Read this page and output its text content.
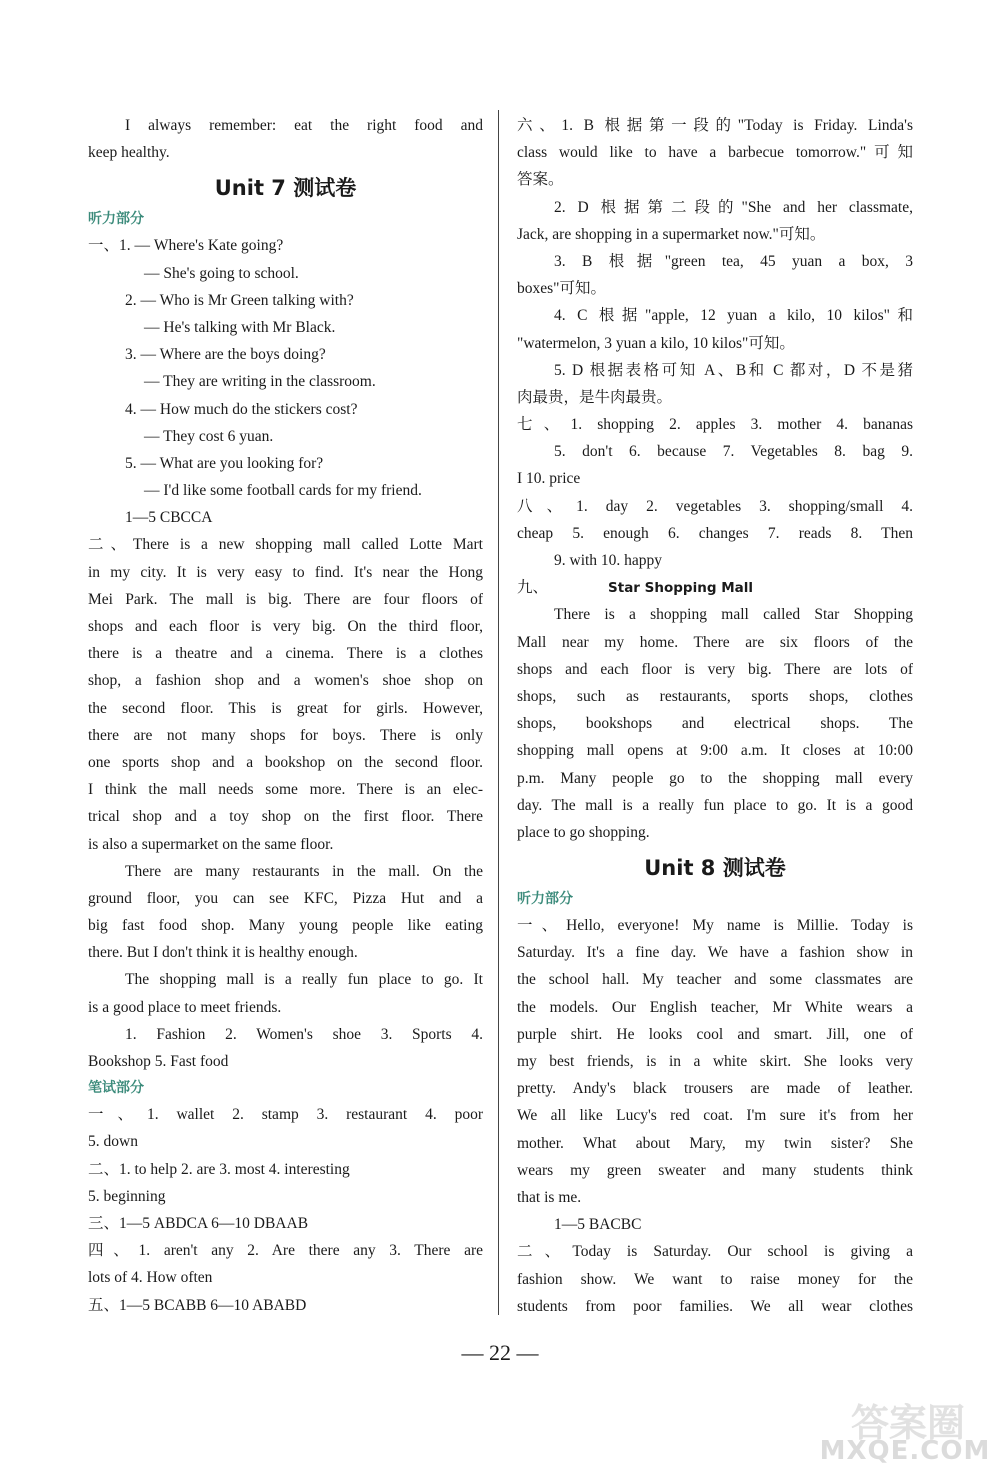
I always remember: eat the right food and
keep healthy.
Unit 7 测试卷
听力部分
一、1. — Where's Kate going?
— She's going to school.
2. — Who is Mr Green talking with?
— He's talking with Mr Black.
3. — Where are the boys doing?
— They are writing in the classroom.
4. — How much do the stickers cost?
— They cost 6 yuan.
5. — What are you looking for?
— I'd like some football cards for my friend.
1—5 CBCCA
二、There is a new shopping mall called Lotte Mart
in my city. It is very easy to find. It's near the Hong
Mei Park. The mall is big. There are four floors of
shops and each floor is very big. On the third floor,
there is a theatre and a cinema. There is a clothes
shop, a fashion shop and a women's shoe shop on
the second floor. This is great for girls. However,
there are not many shops for boys. There is only
one sports shop and a bookshop on the second floor.
I think the mall needs some more. There is an elec-
trical shop and a toy shop on the first floor. There
is also a supermarket on the same floor.
There are many restaurants in the mall. On the
ground floor, you can see KFC, Pizza Hut and a
big fast food shop. Many young people like eating
there. But I don't think it is healthy enough.
The shopping mall is a really fun place to go. It
is a good place to meet friends.
1. Fashion 2. Women's shoe 3. Sports 4.
Bookshop 5. Fast food
笔试部分
一、1. wallet 2. stamp 3. restaurant 4. poor
5. down
二、1. to help 2. are 3. most 4. interesting
5. beginning
三、1—5 ABDCA 6—10 DBAAB
四、1. aren't any 2. Are there any 3. There are
lots of 4. How often
五、1—5 BCABB 6—10 ABABD
六、1. B 根据第一段的"Today is Friday. Linda's
class would like to have a barbecue tomorrow."可知
答案。
2. D 根据第二段的"She and her classmate,
Jack, are shopping in a supermarket now."可知。
3. B 根据"green tea, 45 yuan a box, 3
boxes"可知。
4. C 根据"apple, 12 yuan a kilo, 10 kilos"和
"watermelon, 3 yuan a kilo, 10 kilos"可知。
5. D 根据表格可知 A、B和 C 都对，D 不是猪
肉最贵，是牛肉最贵。
七、1. shopping 2. apples 3. mother 4. bananas
5. don't 6. because 7. Vegetables 8. bag 9.
I 10. price
八、1. day 2. vegetables 3. shopping/small 4.
cheap 5. enough 6. changes 7. reads 8. Then
9. with 10. happy
九、	Star Shopping Mall
There is a shopping mall called Star Shopping
Mall near my home. There are six floors of the
shops and each floor is very big. There are lots of
shops, such as restaurants, sports shops, clothes
shops, bookshops and electrical shops. The
shopping mall opens at 9:00 a.m. It closes at 10:00
p.m. Many people go to the shopping mall every
day. The mall is a really fun place to go. It is a good
place to go shopping.
Unit 8 测试卷
听力部分
一、Hello, everyone! My name is Millie. Today is
Saturday. It's a fine day. We have a fashion show in
the school hall. My teacher and some classmates are
the models. Our English teacher, Mr White wears a
purple shirt. He looks cool and smart. Jill, one of
my best friends, is in a white skirt. She looks very
pretty. Andy's black trousers are made of leather.
We all like Lucy's red coat. I'm sure it's from her
mother. What about Mary, my twin sister? She
wears my green sweater and many students think
that is me.
1—5 BACBC
二、Today is Saturday. Our school is giving a
fashion show. We want to raise money for the
students from poor families. We all wear clothes
— 22 —
答案圈
MXQE.COM
